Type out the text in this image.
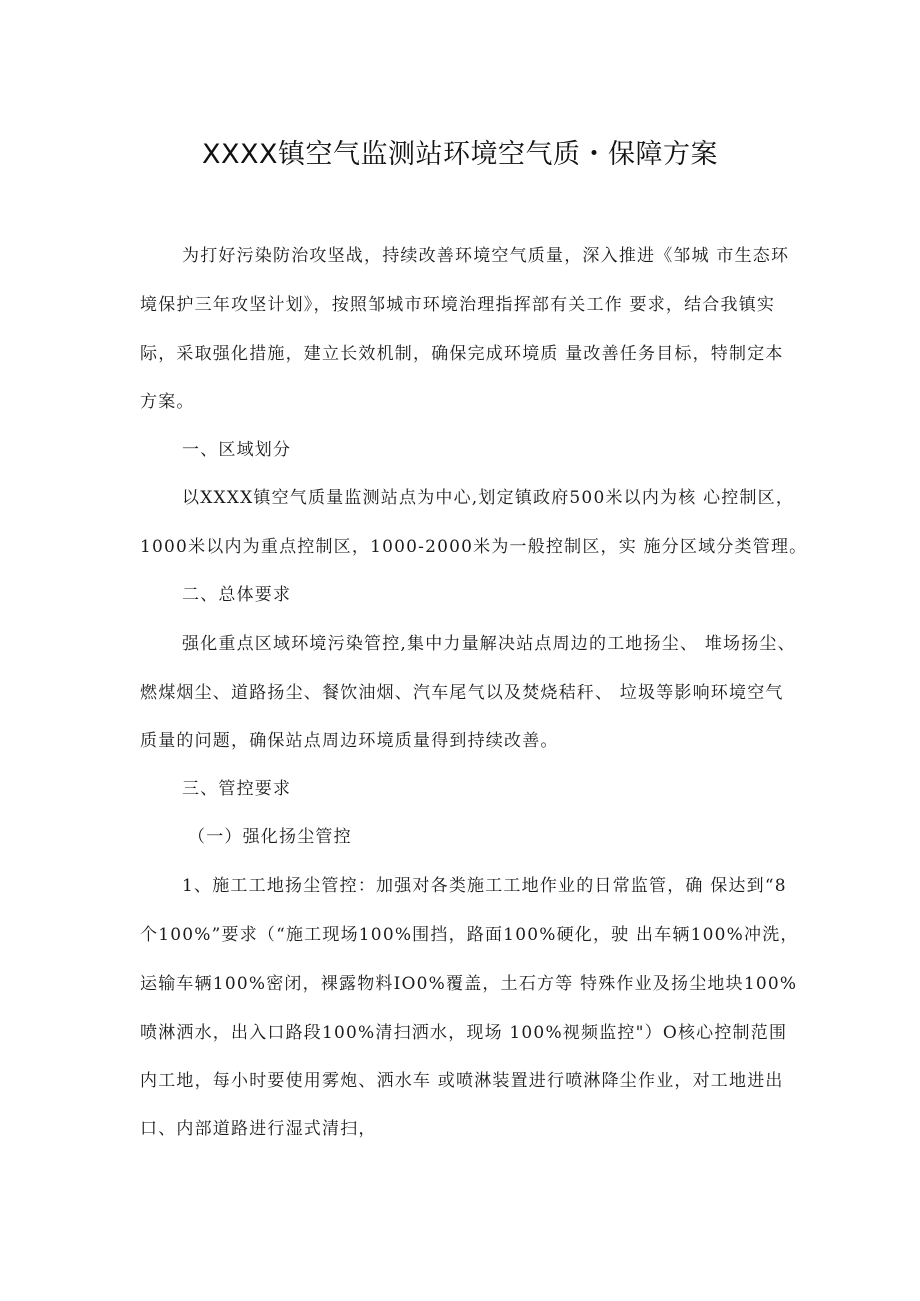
XXXX镇空气监测站环境空气质・保障方案
为打好污染防治攻坚战，持续改善环境空气质量，深入推进《邹城 市生态环
境保护三年攻坚计划》，按照邹城市环境治理指挥部有关工作 要求，结合我镇实
际，采取强化措施，建立长效机制，确保完成环境质 量改善任务目标，特制定本
方案。
一、区域划分
以XXXX镇空气质量监测站点为中心,划定镇政府500米以内为核 心控制区，
1000米以内为重点控制区，1000-2000米为一般控制区，实 施分区域分类管理。
二、总体要求
强化重点区域环境污染管控,集中力量解决站点周边的工地扬尘、 堆场扬尘、
燃煤烟尘、道路扬尘、餐饮油烟、汽车尾气以及焚烧秸秆、 垃圾等影响环境空气
质量的问题，确保站点周边环境质量得到持续改善。
三、管控要求
（一）强化扬尘管控
1、施工工地扬尘管控：加强对各类施工工地作业的日常监管，确 保达到“8
个100%”要求（“施工现场100%围挡，路面100%硬化，驶 出车辆100%冲洗，
运输车辆100%密闭，裸露物料IO0%覆盖，土石方等 特殊作业及扬尘地块100%
喷淋洒水，出入口路段100%清扫洒水，现场 100%视频监控"）O核心控制范围
内工地，每小时要使用雾炮、洒水车 或喷淋装置进行喷淋降尘作业，对工地进出
口、内部道路进行湿式清扫，
